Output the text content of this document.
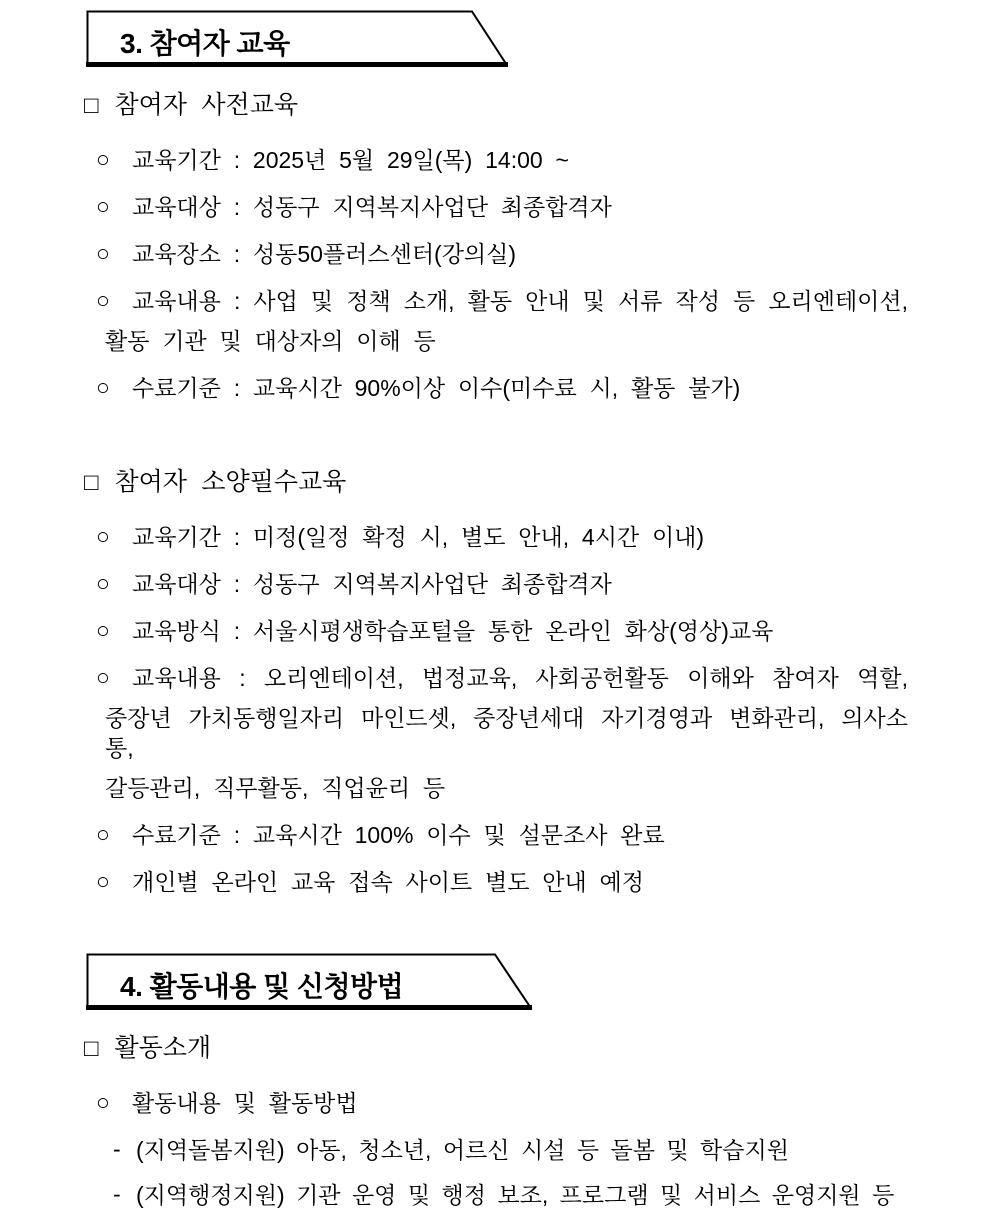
3. 참여자 교육
□ 참여자 사전교육
○ 교육기간 : 2025년 5월 29일(목) 14:00 ~
○ 교육대상 : 성동구 지역복지사업단 최종합격자
○ 교육장소 : 성동50플러스센터(강의실)
○ 교육내용 : 사업 및 정책 소개, 활동 안내 및 서류 작성 등 오리엔테이션,
활동 기관 및 대상자의 이해 등
○ 수료기준 : 교육시간 90%이상 이수(미수료 시, 활동 불가)
□ 참여자 소양필수교육
○ 교육기간 : 미정(일정 확정 시, 별도 안내, 4시간 이내)
○ 교육대상 : 성동구 지역복지사업단 최종합격자
○ 교육방식 : 서울시평생학습포털을 통한 온라인 화상(영상)교육
○ 교육내용 : 오리엔테이션, 법정교육, 사회공헌활동 이해와 참여자 역할,
중장년 가치동행일자리 마인드셋, 중장년세대 자기경영과 변화관리, 의사소통,
갈등관리, 직무활동, 직업윤리 등
○ 수료기준 : 교육시간 100% 이수 및 설문조사 완료
○ 개인별 온라인 교육 접속 사이트 별도 안내 예정
4. 활동내용 및 신청방법
□ 활동소개
○ 활동내용 및 활동방법
- (지역돌봄지원) 아동, 청소년, 어르신 시설 등 돌봄 및 학습지원
- (지역행정지원) 기관 운영 및 행정 보조, 프로그램 및 서비스 운영지원 등
